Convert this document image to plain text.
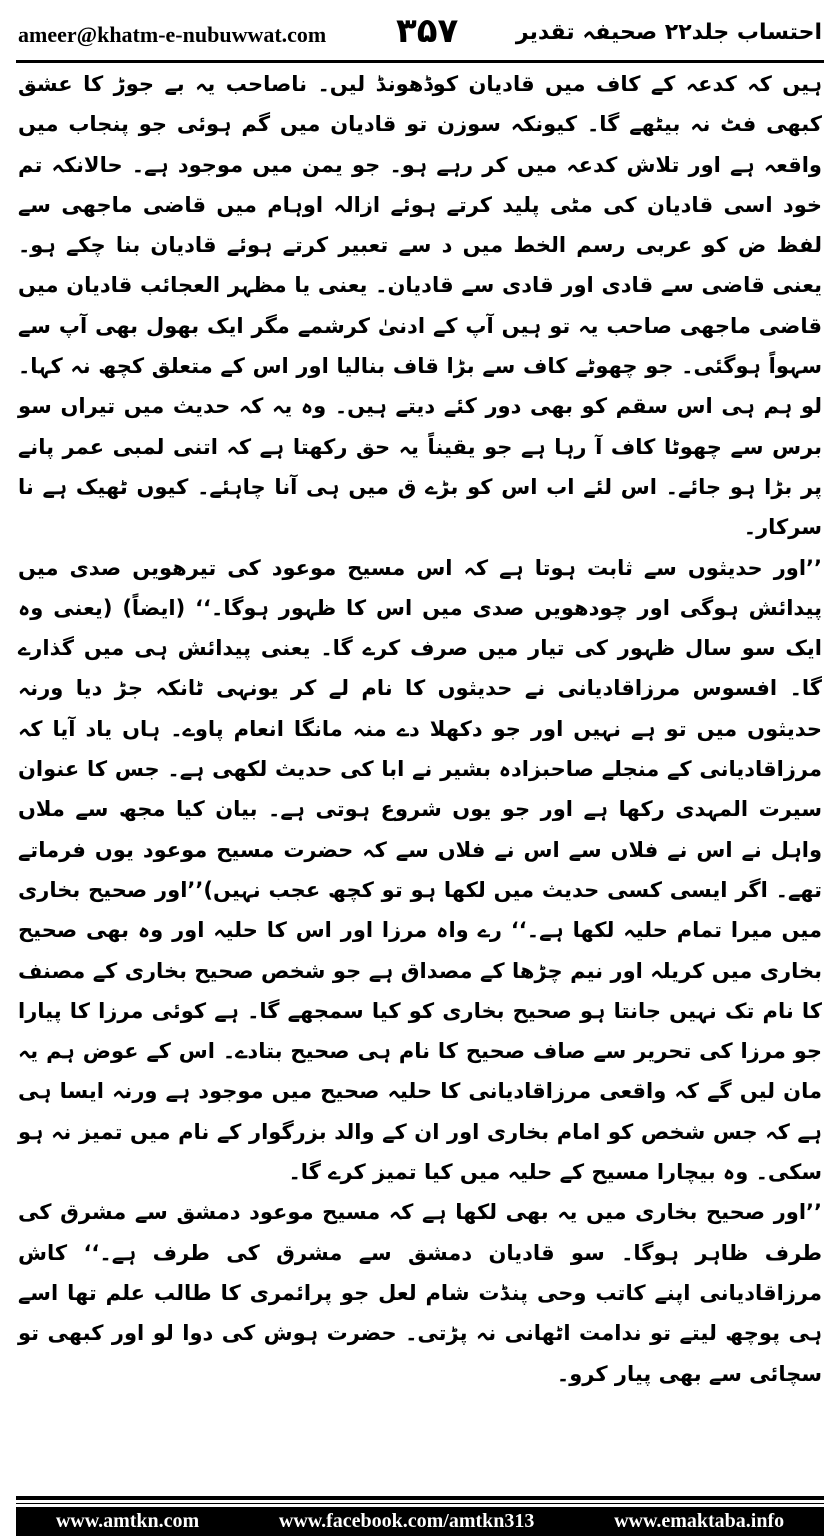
ameer@khatm-e-nubuwwat.com ۳۵۷	احتساب جلد۲۲ صحیفہ تقدیر

ہیں کہ کدعہ کے کاف میں قادیان کوڈھونڈ لیں۔ ناصاحب یہ بے جوڑ کا عشق کبھی فٹ نہ بیٹھے گا۔ کیونکہ سوزن تو قادیان میں گم ہوئی جو پنجاب میں واقعہ ہے اور تلاش کدعہ میں کر رہے ہو۔ جو یمن میں موجود ہے۔ حالانکہ تم خود اسی قادیان کی مٹی پلید کرتے ہوئے ازالہ اوہام میں قاضی ماجھی سے لفظ ض کو عربی رسم الخط میں د سے تعبیر کرتے ہوئے قادیان بنا چکے ہو۔ یعنی قاضی سے قادی اور قادی سے قادیان۔ یعنی یا مظہر العجائب قادیان میں قاضی ماجھی صاحب یہ تو ہیں آپ کے ادنیٰ کرشمے مگر ایک بھول بھی آپ سے سہواً ہوگئی۔ جو چھوٹے کاف سے بڑا قاف بنالیا اور اس کے متعلق کچھ نہ کہا۔ لو ہم ہی اس سقم کو بھی دور کئے دیتے ہیں۔ وہ یہ کہ حدیث میں تیراں سو برس سے چھوٹا کاف آ رہا ہے جو یقیناً یہ حق رکھتا ہے کہ اتنی لمبی عمر پانے پر بڑا ہو جائے۔ اس لئے اب اس کو بڑے ق میں ہی آنا چاہئے۔ کیوں ٹھیک ہے نا سرکار۔

’’اور حدیثوں سے ثابت ہوتا ہے کہ اس مسیح موعود کی تیرھویں صدی میں پیدائش ہوگی اور چودھویں صدی میں اس کا ظہور ہوگا۔‘‘ (ایضاً) (یعنی وہ ایک سو سال ظہور کی تیار میں صرف کرے گا۔ یعنی پیدائش ہی میں گذارے گا۔ افسوس مرزاقادیانی نے حدیثوں کا نام لے کر یونہی ٹانکہ جڑ دیا ورنہ حدیثوں میں تو ہے نہیں اور جو دکھلا دے منہ مانگا انعام پاوے۔ ہاں یاد آیا کہ مرزاقادیانی کے منجلے صاحبزادہ بشیر نے ابا کی حدیث لکھی ہے۔ جس کا عنوان سیرت المہدی رکھا ہے اور جو یوں شروع ہوتی ہے۔ بیان کیا مجھ سے ملاں واہل نے اس نے فلاں سے اس نے فلاں سے کہ حضرت مسیح موعود یوں فرماتے تھے۔ اگر ایسی کسی حدیث میں لکھا ہو تو کچھ عجب نہیں)’’اور صحیح بخاری میں میرا تمام حلیہ لکھا ہے۔‘‘ رے واہ مرزا اور اس کا حلیہ اور وہ بھی صحیح بخاری میں کریلہ اور نیم چڑھا کے مصداق ہے جو شخص صحیح بخاری کے مصنف کا نام تک نہیں جانتا ہو صحیح بخاری کو کیا سمجھے گا۔ ہے کوئی مرزا کا پیارا جو مرزا کی تحریر سے صاف صحیح کا نام ہی صحیح بتادے۔ اس کے عوض ہم یہ مان لیں گے کہ واقعی مرزاقادیانی کا حلیہ صحیح میں موجود ہے ورنہ ایسا ہی ہے کہ جس شخص کو امام بخاری اور ان کے والد بزرگوار کے نام میں تمیز نہ ہو سکی۔ وہ بیچارا مسیح کے حلیہ میں کیا تمیز کرے گا۔

’’اور صحیح بخاری میں یہ بھی لکھا ہے کہ مسیح موعود دمشق سے مشرق کی طرف ظاہر ہوگا۔ سو قادیان دمشق سے مشرق کی طرف ہے۔‘‘ کاش مرزاقادیانی اپنے کاتب وحی پنڈت شام لعل جو پرائمری کا طالب علم تھا اسے ہی پوچھ لیتے تو ندامت اٹھانی نہ پڑتی۔ حضرت ہوش کی دوا لو اور کبھی تو سچائی سے بھی پیار کرو۔

www.amtkn.com	www.facebook.com/amtkn313	www.emaktaba.info
